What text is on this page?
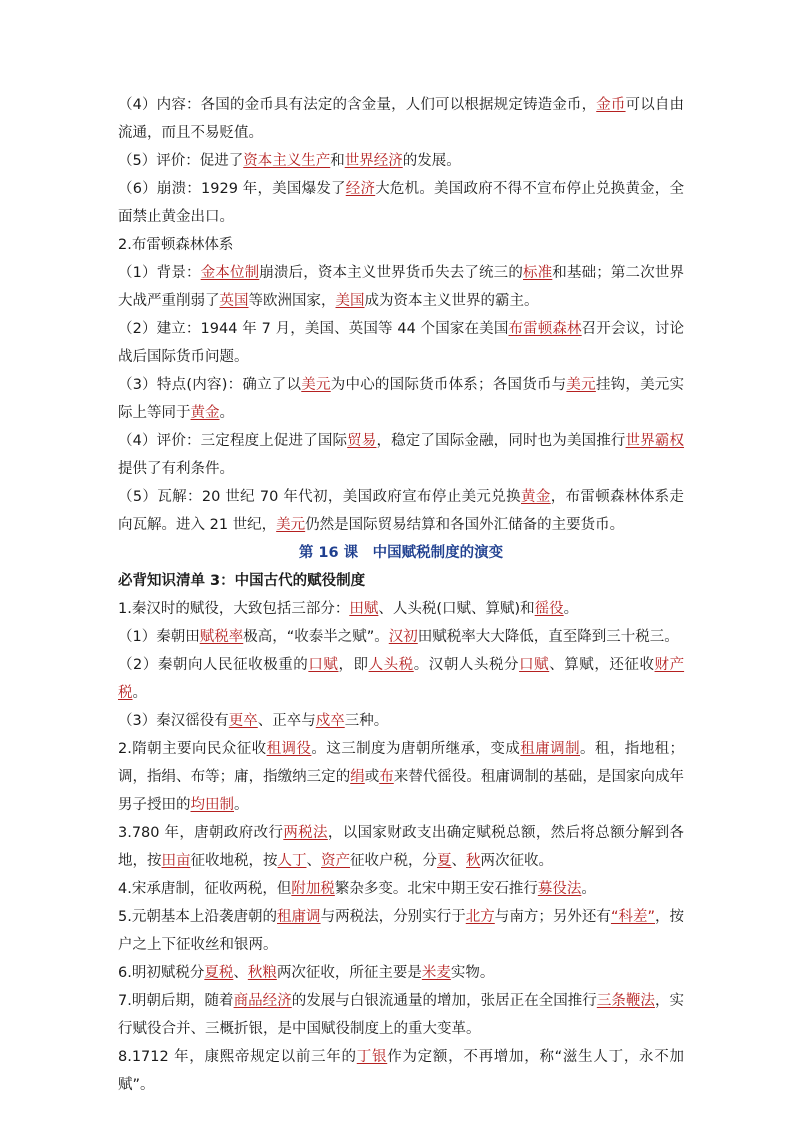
（4）内容：各国的金币具有法定的含金量，人们可以根据规定铸造金币，金币可以自由流通，而且不易贬值。

（5）评价：促进了资本主义生产和世界经济的发展。

（6）崩溃：1929 年，美国爆发了经济大危机。美国政府不得不宣布停止兑换黄金，全面禁止黄金出口。

2.布雷顿森林体系

（1）背景：金本位制崩溃后，资本主义世界货币失去了统三的标准和基础；第二次世界大战严重削弱了英国等欧洲国家，美国成为资本主义世界的霸主。

（2）建立：1944 年 7 月，美国、英国等 44 个国家在美国布雷顿森林召开会议，讨论战后国际货币问题。

（3）特点(内容)：确立了以美元为中心的国际货币体系；各国货币与美元挂钩，美元实际上等同于黄金。

（4）评价：三定程度上促进了国际贸易，稳定了国际金融，同时也为美国推行世界霸权提供了有利条件。

（5）瓦解：20 世纪 70 年代初，美国政府宣布停止美元兑换黄金，布雷顿森林体系走向瓦解。进入 21 世纪，美元仍然是国际贸易结算和各国外汇储备的主要货币。

第 16 课　中国赋税制度的演变

必背知识清单 3：中国古代的赋役制度

1.秦汉时的赋役，大致包括三部分：田赋、人头税(口赋、算赋)和徭役。

（1）秦朝田赋税率极高，“收泰半之赋”。汉初田赋税率大大降低，直至降到三十税三。

（2）秦朝向人民征收极重的口赋，即人头税。汉朝人头税分口赋、算赋，还征收财产税。

（3）秦汉徭役有更卒、正卒与戍卒三种。

2.隋朝主要向民众征收租调役。这三制度为唐朝所继承，变成租庸调制。租，指地租；调，指绢、布等；庸，指缴纳三定的绢或布来替代徭役。租庸调制的基础，是国家向成年男子授田的均田制。

3.780 年，唐朝政府改行两税法，以国家财政支出确定赋税总额，然后将总额分解到各地，按田亩征收地税，按人丁、资产征收户税，分夏、秋两次征收。

4.宋承唐制，征收两税，但附加税繁杂多变。北宋中期王安石推行募役法。

5.元朝基本上沿袭唐朝的租庸调与两税法，分别实行于北方与南方；另外还有“科差”，按户之上下征收丝和银两。

6.明初赋税分夏税、秋粮两次征收，所征主要是米麦实物。

7.明朝后期，随着商品经济的发展与白银流通量的增加，张居正在全国推行三条鞭法，实行赋役合并、三概折银，是中国赋役制度上的重大变革。

8.1712 年，康熙帝规定以前三年的丁银作为定额，不再增加，称“滋生人丁，永不加赋”。
